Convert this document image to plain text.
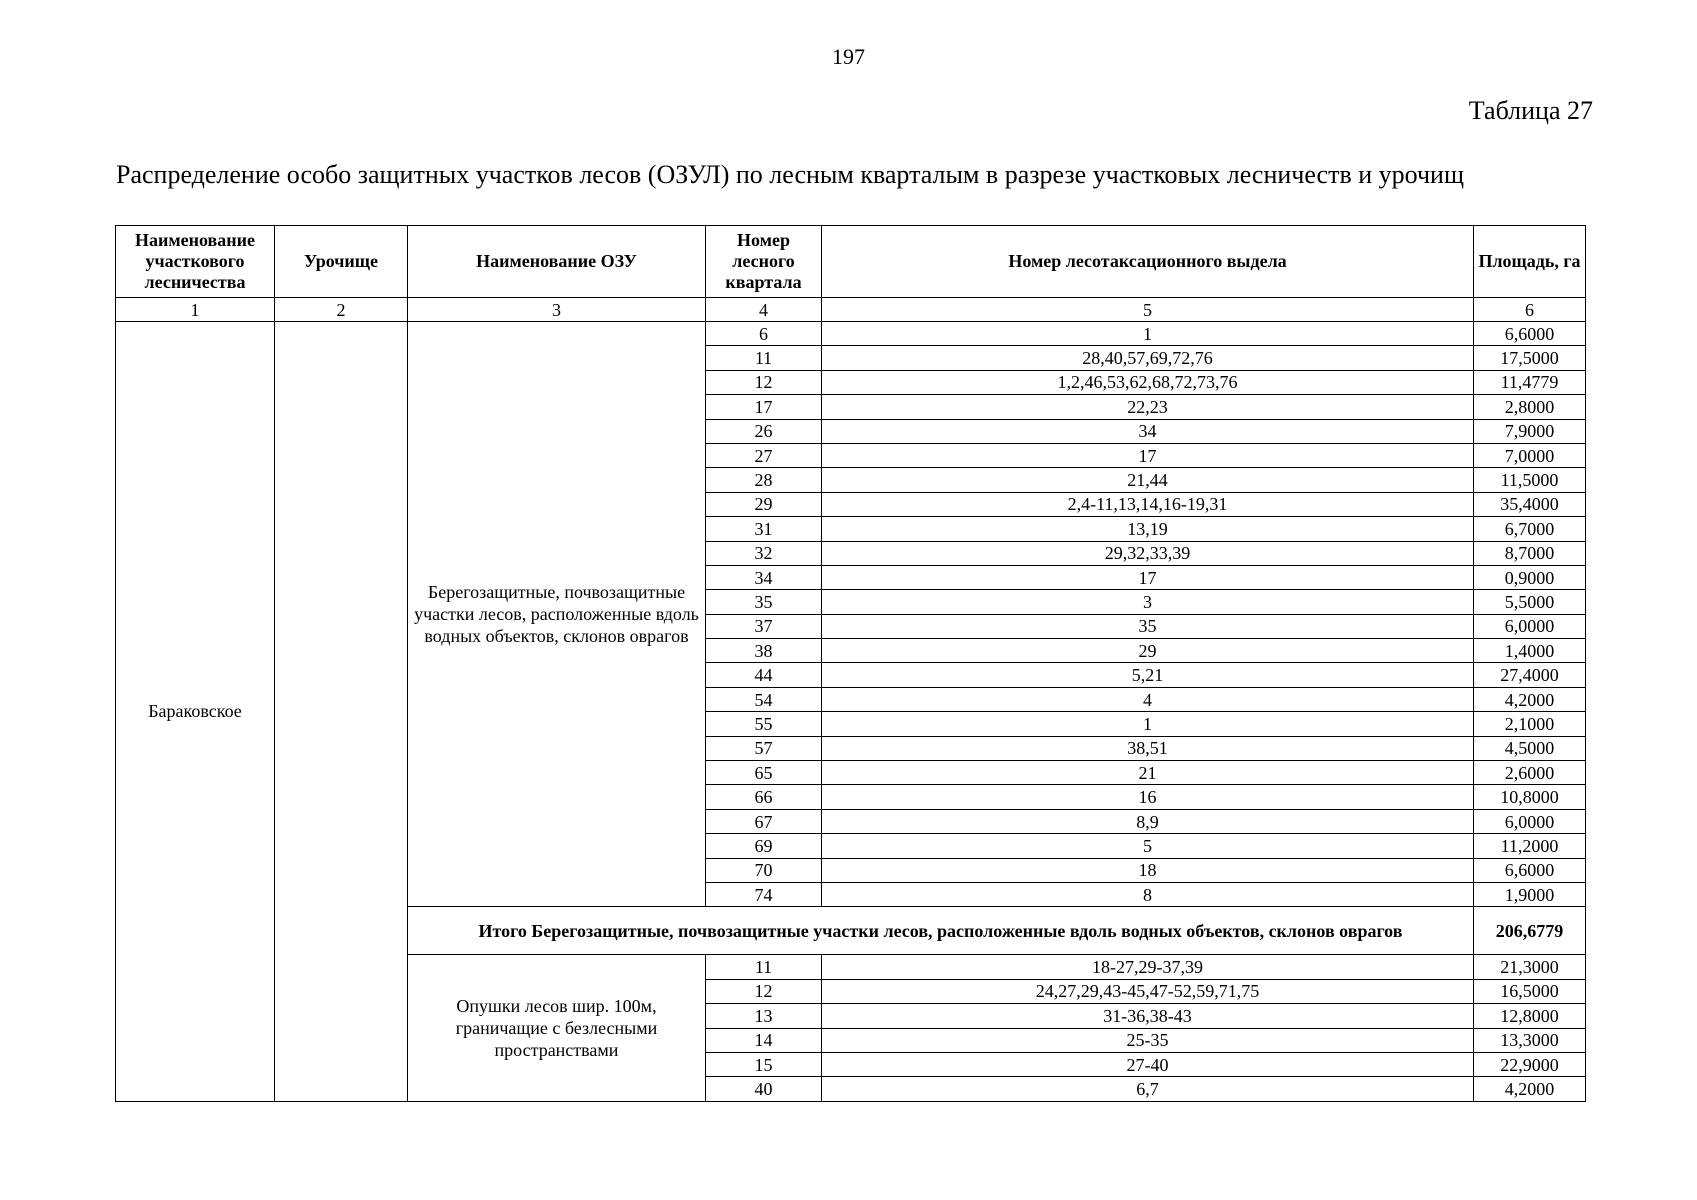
197
Таблица 27
Распределение особо защитных участков лесов (ОЗУЛ) по лесным кварталым в разрезе участковых лесничеств и урочищ
Наименование участкового лесничества	Урочище	Наименование ОЗУ	Номер лесного квартала	Номер лесотаксационного выдела	Площадь, га
1	2	3	4	5	6
Бараковское		Берегозащитные, почвозащитные участки лесов, расположенные вдоль водных объектов, склонов оврагов	6	1	6,6000
			11	28,40,57,69,72,76	17,5000
			12	1,2,46,53,62,68,72,73,76	11,4779
			17	22,23	2,8000
			26	34	7,9000
			27	17	7,0000
			28	21,44	11,5000
			29	2,4-11,13,14,16-19,31	35,4000
			31	13,19	6,7000
			32	29,32,33,39	8,7000
			34	17	0,9000
			35	3	5,5000
			37	35	6,0000
			38	29	1,4000
			44	5,21	27,4000
			54	4	4,2000
			55	1	2,1000
			57	38,51	4,5000
			65	21	2,6000
			66	16	10,8000
			67	8,9	6,0000
			69	5	11,2000
			70	18	6,6000
			74	8	1,9000
		Итого Берегозащитные, почвозащитные участки лесов, расположенные вдоль водных объектов, склонов оврагов			206,6779
		Опушки лесов шир. 100м, граничащие с безлесными пространствами	11	18-27,29-37,39	21,3000
			12	24,27,29,43-45,47-52,59,71,75	16,5000
			13	31-36,38-43	12,8000
			14	25-35	13,3000
			15	27-40	22,9000
			40	6,7	4,2000
